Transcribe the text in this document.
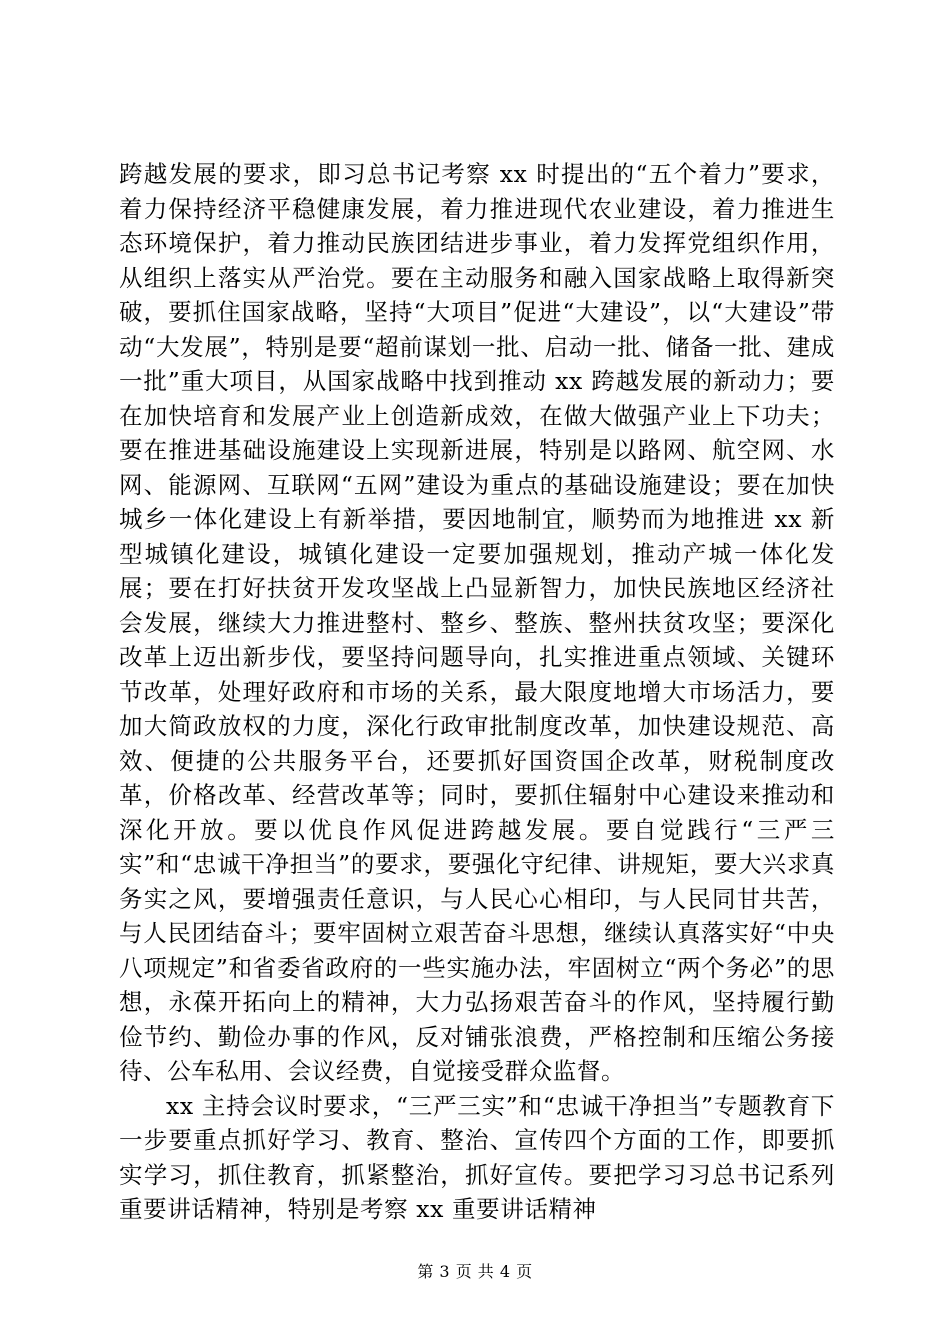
跨越发展的要求，即习总书记考察 xx 时提出的“五个着力”要求，着力保持经济平稳健康发展，着力推进现代农业建设，着力推进生态环境保护，着力推动民族团结进步事业，着力发挥党组织作用，从组织上落实从严治党。要在主动服务和融入国家战略上取得新突破，要抓住国家战略，坚持“大项目”促进“大建设”，以“大建设”带动“大发展”，特别是要“超前谋划一批、启动一批、储备一批、建成一批”重大项目，从国家战略中找到推动 xx 跨越发展的新动力；要在加快培育和发展产业上创造新成效，在做大做强产业上下功夫；要在推进基础设施建设上实现新进展，特别是以路网、航空网、水网、能源网、互联网“五网”建设为重点的基础设施建设；要在加快城乡一体化建设上有新举措，要因地制宜，顺势而为地推进 xx 新型城镇化建设，城镇化建设一定要加强规划，推动产城一体化发展；要在打好扶贫开发攻坚战上凸显新智力，加快民族地区经济社会发展，继续大力推进整村、整乡、整族、整州扶贫攻坚；要深化改革上迈出新步伐，要坚持问题导向，扎实推进重点领域、关键环节改革，处理好政府和市场的关系，最大限度地增大市场活力，要加大简政放权的力度，深化行政审批制度改革，加快建设规范、高效、便捷的公共服务平台，还要抓好国资国企改革，财税制度改革，价格改革、经营改革等；同时，要抓住辐射中心建设来推动和深化开放。要以优良作风促进跨越发展。要自觉践行“三严三实”和“忠诚干净担当”的要求，要强化守纪律、讲规矩，要大兴求真务实之风，要增强责任意识，与人民心心相印，与人民同甘共苦，与人民团结奋斗；要牢固树立艰苦奋斗思想，继续认真落实好“中央八项规定”和省委省政府的一些实施办法，牢固树立“两个务必”的思想，永葆开拓向上的精神，大力弘扬艰苦奋斗的作风，坚持履行勤俭节约、勤俭办事的作风，反对铺张浪费，严格控制和压缩公务接待、公车私用、会议经费，自觉接受群众监督。

xx 主持会议时要求，“三严三实”和“忠诚干净担当”专题教育下一步要重点抓好学习、教育、整治、宣传四个方面的工作，即要抓实学习，抓住教育，抓紧整治，抓好宣传。要把学习习总书记系列重要讲话精神，特别是考察 xx 重要讲话精神

第 3 页 共 4 页
